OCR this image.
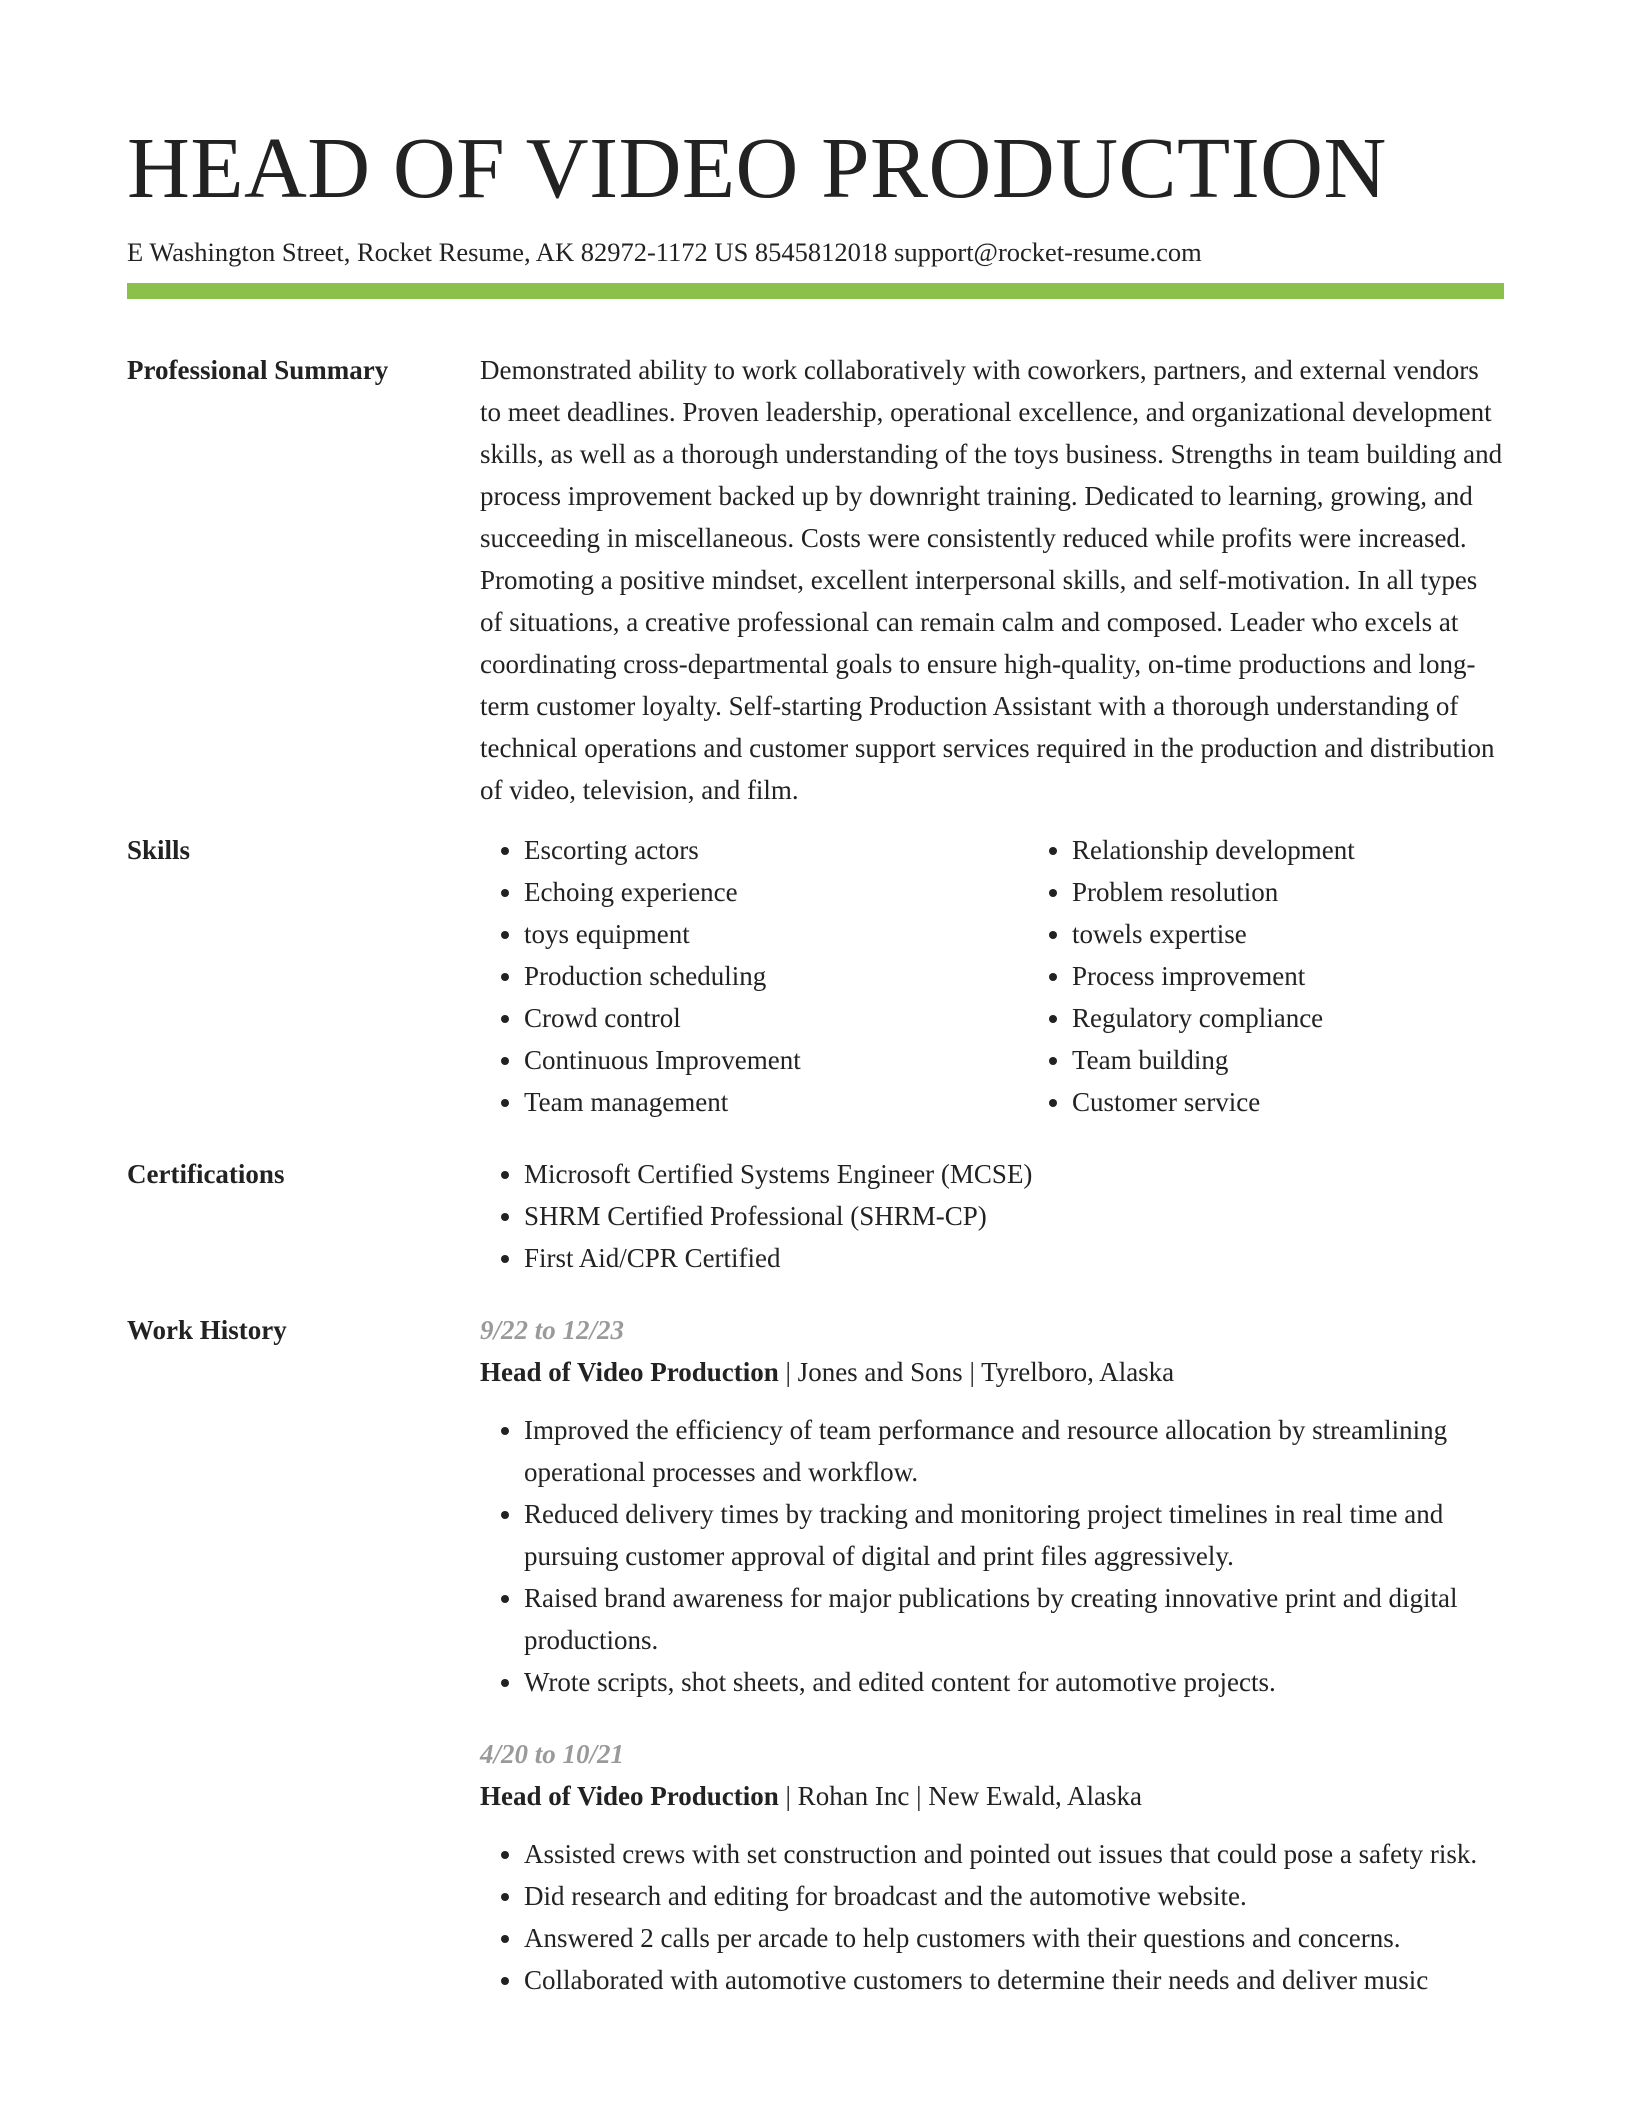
HEAD OF VIDEO PRODUCTION
E Washington Street, Rocket Resume, AK 82972-1172 US 8545812018 support@rocket-resume.com
Professional Summary	Demonstrated ability to work collaboratively with coworkers, partners, and external vendors to meet deadlines. Proven leadership, operational excellence, and organizational development skills, as well as a thorough understanding of the toys business. Strengths in team building and process improvement backed up by downright training. Dedicated to learning, growing, and succeeding in miscellaneous. Costs were consistently reduced while profits were increased. Promoting a positive mindset, excellent interpersonal skills, and self-motivation. In all types of situations, a creative professional can remain calm and composed. Leader who excels at coordinating cross-departmental goals to ensure high-quality, on-time productions and long-term customer loyalty. Self-starting Production Assistant with a thorough understanding of technical operations and customer support services required in the production and distribution of video, television, and film.
Skills	• Escorting actors
• Echoing experience
• toys equipment
• Production scheduling
• Crowd control
• Continuous Improvement
• Team management
• Relationship development
• Problem resolution
• towels expertise
• Process improvement
• Regulatory compliance
• Team building
• Customer service
Certifications	• Microsoft Certified Systems Engineer (MCSE)
• SHRM Certified Professional (SHRM-CP)
• First Aid/CPR Certified
Work History	9/22 to 12/23
Head of Video Production | Jones and Sons | Tyrelboro, Alaska
• Improved the efficiency of team performance and resource allocation by streamlining operational processes and workflow.
• Reduced delivery times by tracking and monitoring project timelines in real time and pursuing customer approval of digital and print files aggressively.
• Raised brand awareness for major publications by creating innovative print and digital productions.
• Wrote scripts, shot sheets, and edited content for automotive projects.
4/20 to 10/21
Head of Video Production | Rohan Inc | New Ewald, Alaska
• Assisted crews with set construction and pointed out issues that could pose a safety risk.
• Did research and editing for broadcast and the automotive website.
• Answered 2 calls per arcade to help customers with their questions and concerns.
• Collaborated with automotive customers to determine their needs and deliver music
